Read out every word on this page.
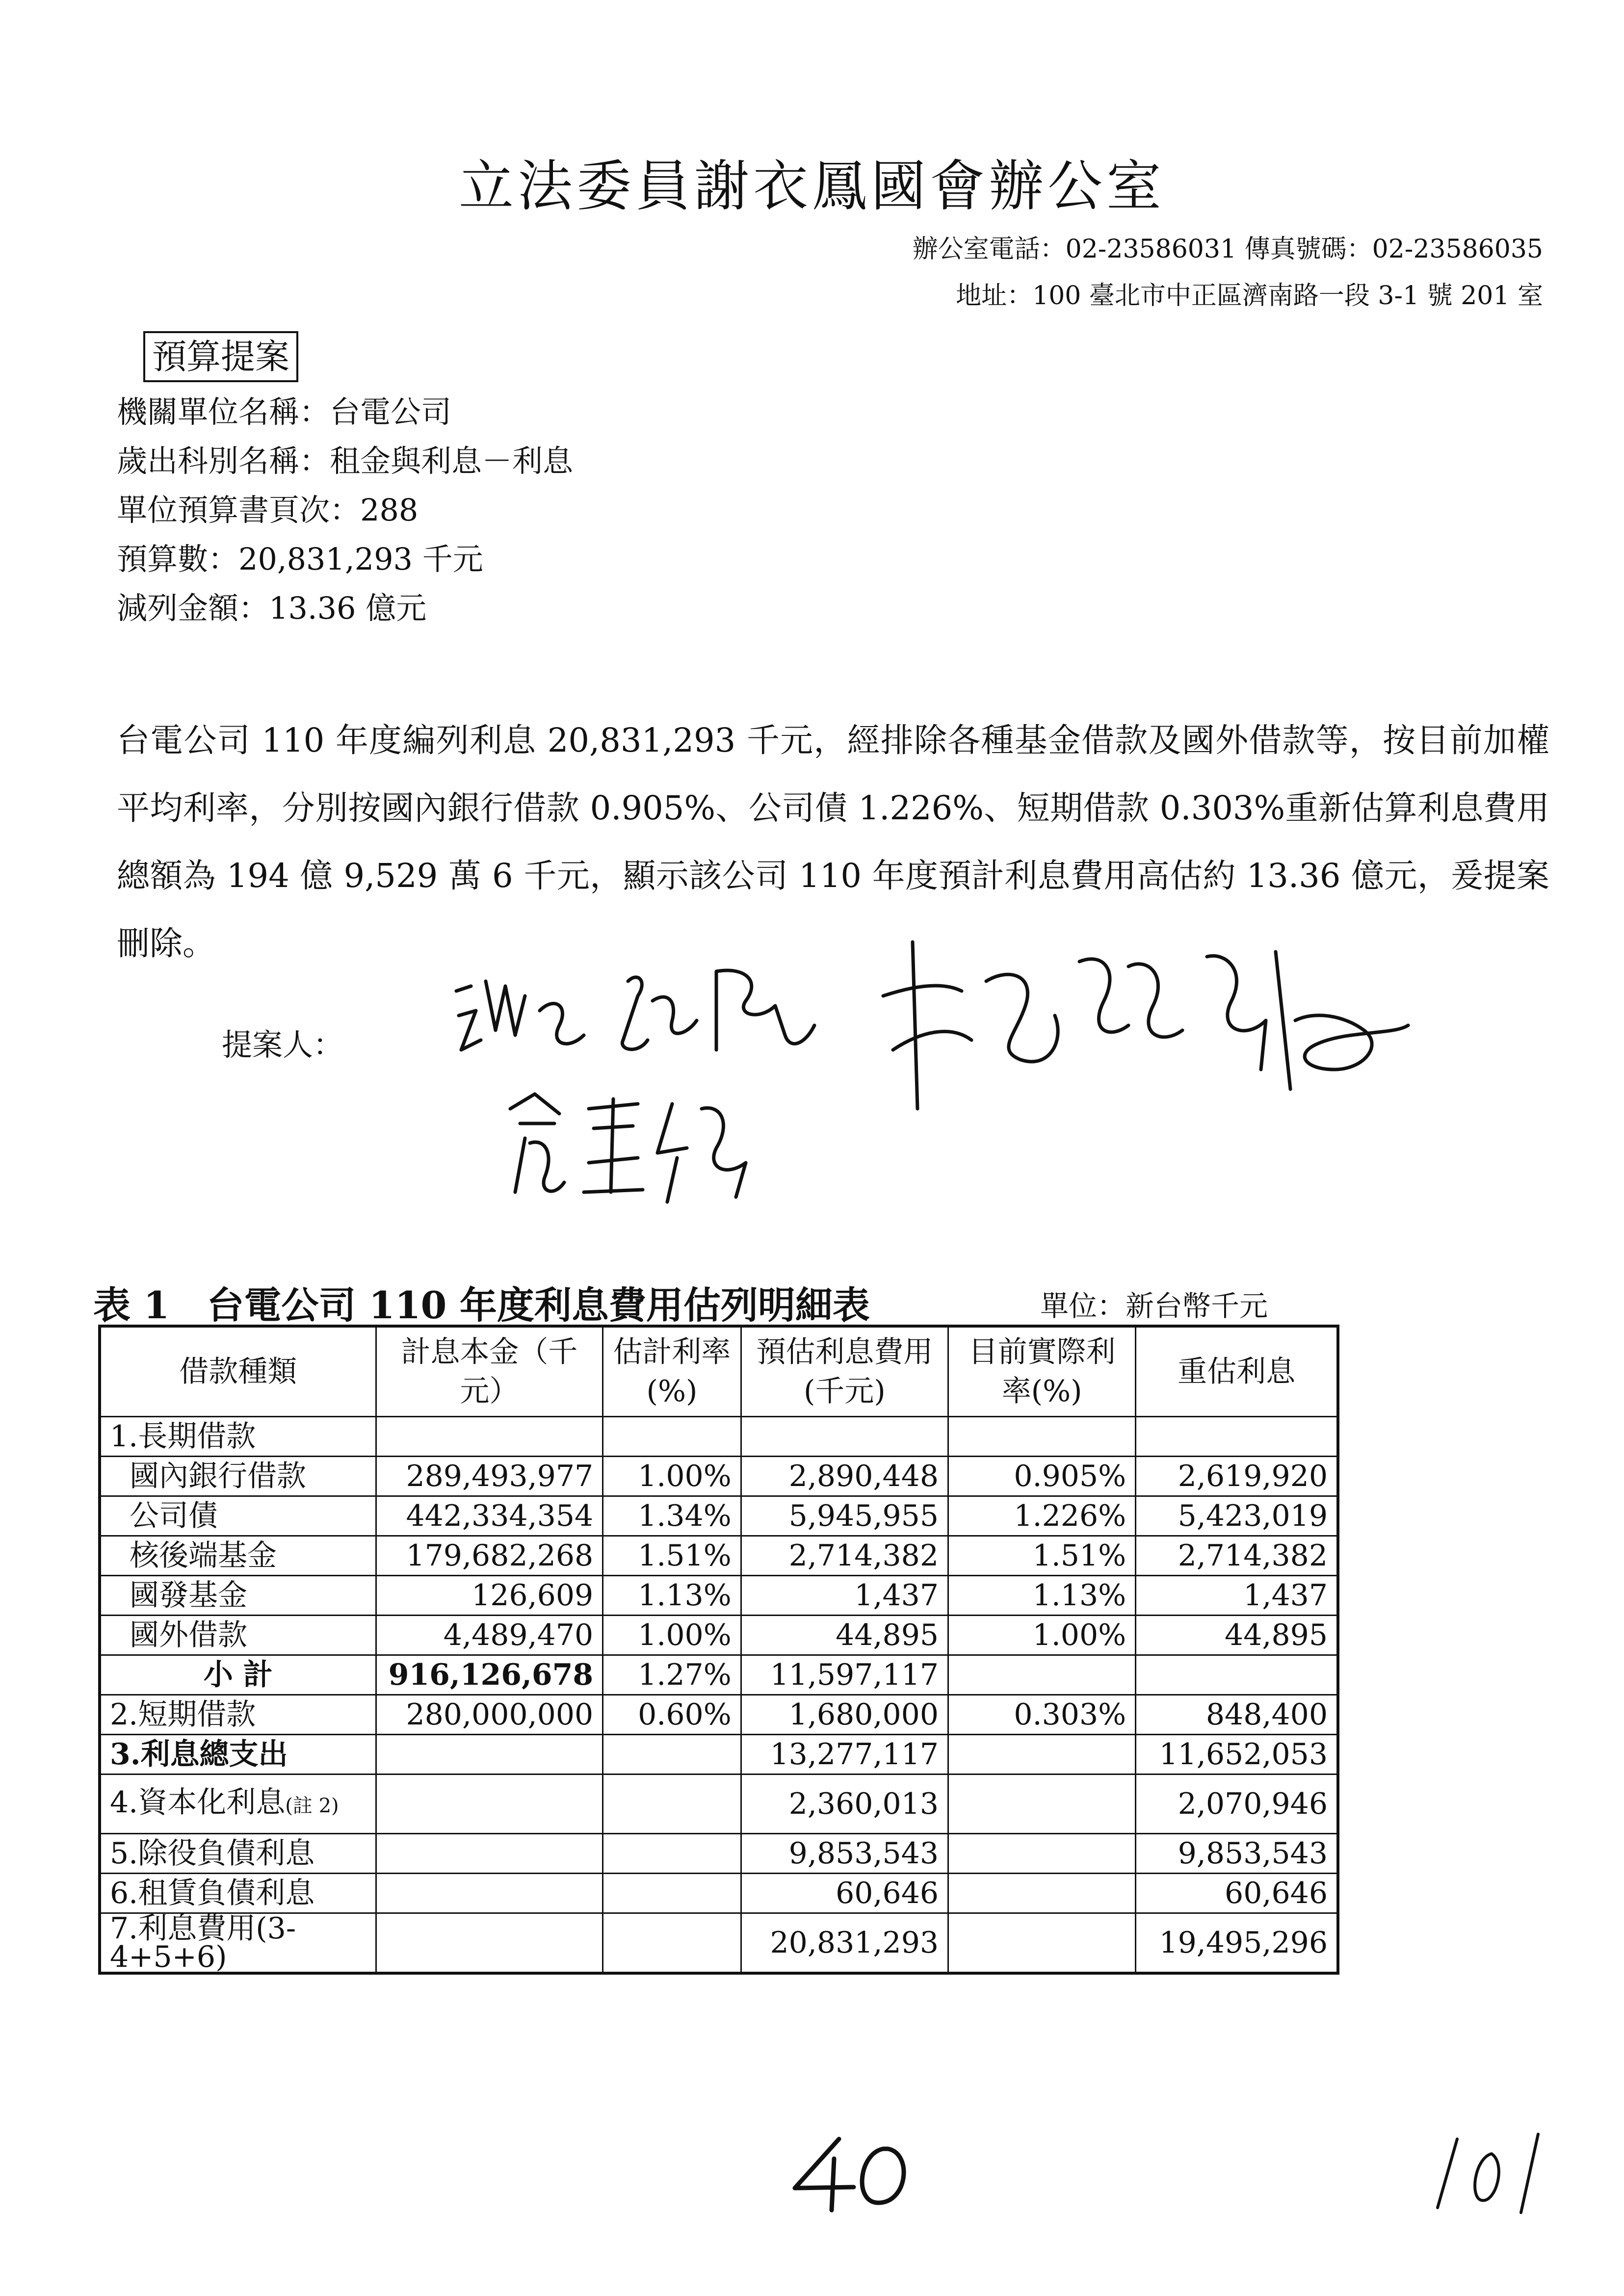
立法委員謝衣鳳國會辦公室
辦公室電話：02-23586031 傳真號碼：02-23586035
地址：100 臺北市中正區濟南路一段 3-1 號 201 室
預算提案
機關單位名稱：台電公司
歲出科別名稱：租金與利息－利息
單位預算書頁次：288
預算數：20,831,293 千元
減列金額：13.36 億元
台電公司 110 年度編列利息 20,831,293 千元，經排除各種基金借款及國外借款等，按目前加權平均利率，分別按國內銀行借款 0.905%、公司債 1.226%、短期借款 0.303%重新估算利息費用總額為 194 億 9,529 萬 6 千元，顯示該公司 110 年度預計利息費用高估約 13.36 億元，爰提案刪除。
提案人：
表 1　台電公司 110 年度利息費用估列明細表	單位：新台幣千元
借款種類	計息本金（千元）	估計利率(%)	預估利息費用(千元)	目前實際利率(%)	重估利息
1.長期借款					
國內銀行借款	289,493,977	1.00%	2,890,448	0.905%	2,619,920
公司債	442,334,354	1.34%	5,945,955	1.226%	5,423,019
核後端基金	179,682,268	1.51%	2,714,382	1.51%	2,714,382
國發基金	126,609	1.13%	1,437	1.13%	1,437
國外借款	4,489,470	1.00%	44,895	1.00%	44,895
小 計	916,126,678	1.27%	11,597,117		
2.短期借款	280,000,000	0.60%	1,680,000	0.303%	848,400
3.利息總支出			13,277,117		11,652,053
4.資本化利息(註 2)			2,360,013		2,070,946
5.除役負債利息			9,853,543		9,853,543
6.租賃負債利息			60,646		60,646
7.利息費用(3-4+5+6)			20,831,293		19,495,296
